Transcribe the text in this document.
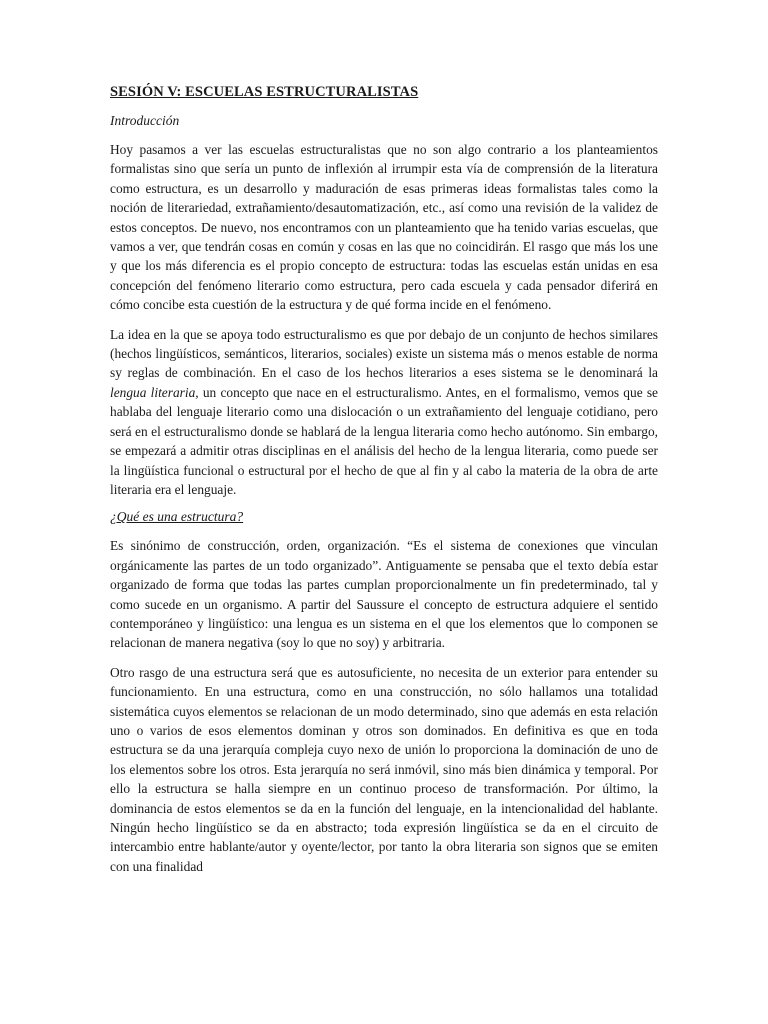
SESIÓN V: ESCUELAS ESTRUCTURALISTAS
Introducción

Hoy pasamos a ver las escuelas estructuralistas que no son algo contrario a los planteamientos formalistas sino que sería un punto de inflexión al irrumpir esta vía de comprensión de la literatura como estructura, es un desarrollo y maduración de esas primeras ideas formalistas tales como la noción de literariedad, extrañamiento/desautomatización, etc., así como una revisión de la validez de estos conceptos. De nuevo, nos encontramos con un planteamiento que ha tenido varias escuelas, que vamos a ver, que tendrán cosas en común y cosas en las que no coincidirán. El rasgo que más los une y que los más diferencia es el propio concepto de estructura: todas las escuelas están unidas en esa concepción del fenómeno literario como estructura, pero cada escuela y cada pensador diferirá en cómo concibe esta cuestión de la estructura y de qué forma incide en el fenómeno.

La idea en la que se apoya todo estructuralismo es que por debajo de un conjunto de hechos similares (hechos lingüísticos, semánticos, literarios, sociales) existe un sistema más o menos estable de norma sy reglas de combinación. En el caso de los hechos literarios a eses sistema se le denominará la lengua literaria, un concepto que nace en el estructuralismo. Antes, en el formalismo, vemos que se hablaba del lenguaje literario como una dislocación o un extrañamiento del lenguaje cotidiano, pero será en el estructuralismo donde se hablará de la lengua literaria como hecho autónomo. Sin embargo, se empezará a admitir otras disciplinas en el análisis del hecho de la lengua literaria, como puede ser la lingüística funcional o estructural por el hecho de que al fin y al cabo la materia de la obra de arte literaria era el lenguaje.

¿Qué es una estructura?

Es sinónimo de construcción, orden, organización. “Es el sistema de conexiones que vinculan orgánicamente las partes de un todo organizado”. Antiguamente se pensaba que el texto debía estar organizado de forma que todas las partes cumplan proporcionalmente un fin predeterminado, tal y como sucede en un organismo. A partir del Saussure el concepto de estructura adquiere el sentido contemporáneo y lingüístico: una lengua es un sistema en el que los elementos que lo componen se relacionan de manera negativa (soy lo que no soy) y arbitraria.

Otro rasgo de una estructura será que es autosuficiente, no necesita de un exterior para entender su funcionamiento. En una estructura, como en una construcción, no sólo hallamos una totalidad sistemática cuyos elementos se relacionan de un modo determinado, sino que además en esta relación uno o varios de esos elementos dominan y otros son dominados. En definitiva es que en toda estructura se da una jerarquía compleja cuyo nexo de unión lo proporciona la dominación de uno de los elementos sobre los otros. Esta jerarquía no será inmóvil, sino más bien dinámica y temporal. Por ello la estructura se halla siempre en un continuo proceso de transformación. Por último, la dominancia de estos elementos se da en la función del lenguaje, en la intencionalidad del hablante. Ningún hecho lingüístico se da en abstracto; toda expresión lingüística se da en el circuito de intercambio entre hablante/autor y oyente/lector, por tanto la obra literaria son signos que se emiten con una finalidad
